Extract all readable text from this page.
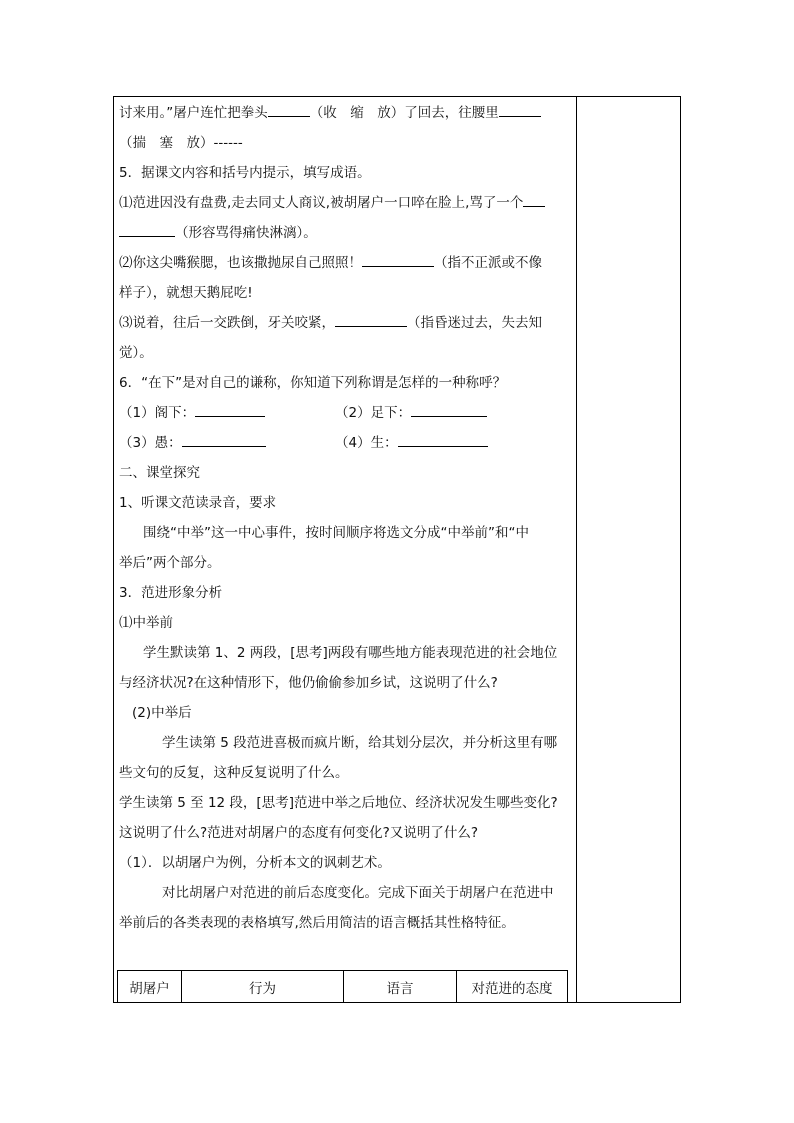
讨来用。”屠户连忙把拳头	（收　缩　放）了回去，往腰里
（揣　塞　放）------
5．据课文内容和括号内提示，填写成语。
⑴范进因没有盘费,走去同丈人商议,被胡屠户一口啐在脸上,骂了一个
（形容骂得痛快淋漓）。
⑵你这尖嘴猴腮，也该撒抛尿自己照照！	（指不正派或不像
样子），就想天鹅屁吃!
⑶说着，往后一交跌倒，牙关咬紧，	（指昏迷过去，失去知
觉）。
6．“在下”是对自己的谦称，你知道下列称谓是怎样的一种称呼？
（1）阁下：	（2）足下：
（3）愚：	（4）生：
二、课堂探究
1、听课文范读录音，要求
围绕“中举”这一中心事件，按时间顺序将选文分成“中举前”和“中
举后”两个部分。
3．范进形象分析
⑴中举前
学生默读第 1、2 两段，[思考]两段有哪些地方能表现范进的社会地位
与经济状况?在这种情形下，他仍偷偷参加乡试，这说明了什么?
(2)中举后
学生读第 5 段范进喜极而疯片断，给其划分层次，并分析这里有哪
些文句的反复，这种反复说明了什么。
学生读第 5 至 12 段，[思考]范进中举之后地位、经济状况发生哪些变化?
这说明了什么?范进对胡屠户的态度有何变化?又说明了什么?
（1）．以胡屠户为例，分析本文的讽刺艺术。
对比胡屠户对范进的前后态度变化。完成下面关于胡屠户在范进中
举前后的各类表现的表格填写,然后用简洁的语言概括其性格特征。
胡屠户	行为	语言	对范进的态度
